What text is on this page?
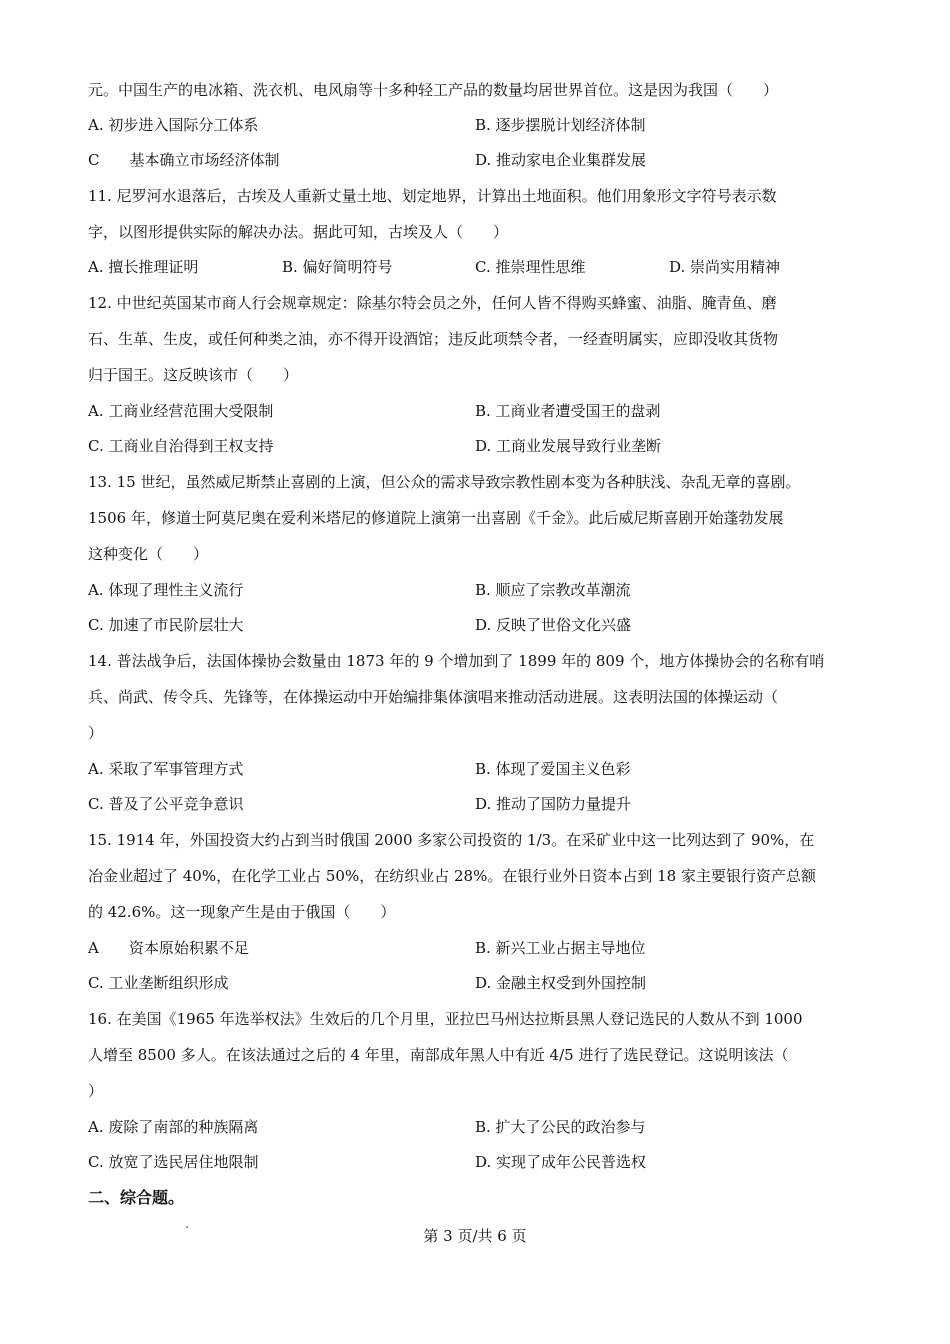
元。中国生产的电冰箱、洗衣机、电风扇等十多种轻工产品的数量均居世界首位。这是因为我国（　　）
A. 初步进入国际分工体系	B. 逐步摆脱计划经济体制
C　　基本确立市场经济体制	D. 推动家电企业集群发展
11. 尼罗河水退落后，古埃及人重新丈量土地、划定地界，计算出土地面积。他们用象形文字符号表示数
字，以图形提供实际的解决办法。据此可知，古埃及人（　　）
A. 擅长推理证明	B. 偏好简明符号	C. 推崇理性思维	D. 崇尚实用精神
12. 中世纪英国某市商人行会规章规定：除基尔特会员之外，任何人皆不得购买蜂蜜、油脂、腌青鱼、磨
石、生革、生皮，或任何种类之油，亦不得开设酒馆；违反此项禁令者，一经查明属实，应即没收其货物
归于国王。这反映该市（　　）
A. 工商业经营范围大受限制	B. 工商业者遭受国王的盘剥
C. 工商业自治得到王权支持	D. 工商业发展导致行业垄断
13. 15 世纪，虽然威尼斯禁止喜剧的上演，但公众的需求导致宗教性剧本变为各种肤浅、杂乱无章的喜剧。
1506 年，修道士阿莫尼奥在爱利米塔尼的修道院上演第一出喜剧《千金》。此后威尼斯喜剧开始蓬勃发展
这种变化（　　）
A. 体现了理性主义流行	B. 顺应了宗教改革潮流
C. 加速了市民阶层壮大	D. 反映了世俗文化兴盛
14. 普法战争后，法国体操协会数量由 1873 年的 9 个增加到了 1899 年的 809 个，地方体操协会的名称有哨
兵、尚武、传令兵、先锋等，在体操运动中开始编排集体演唱来推动活动进展。这表明法国的体操运动（
）
A. 采取了军事管理方式	B. 体现了爱国主义色彩
C. 普及了公平竞争意识	D. 推动了国防力量提升
15. 1914 年，外国投资大约占到当时俄国 2000 多家公司投资的 1/3。在采矿业中这一比列达到了 90%，在
冶金业超过了 40%，在化学工业占 50%，在纺织业占 28%。在银行业外日资本占到 18 家主要银行资产总额
的 42.6%。这一现象产生是由于俄国（　　）
A　　资本原始积累不足	B. 新兴工业占据主导地位
C. 工业垄断组织形成	D. 金融主权受到外国控制
16. 在美国《1965 年选举权法》生效后的几个月里，亚拉巴马州达拉斯县黑人登记选民的人数从不到 1000
人增至 8500 多人。在该法通过之后的 4 年里，南部成年黑人中有近 4/5 进行了选民登记。这说明该法（
）
A. 废除了南部的种族隔离	B. 扩大了公民的政治参与
C. 放宽了选民居住地限制	D. 实现了成年公民普选权
二、综合题。
第 3 页/共 6 页
